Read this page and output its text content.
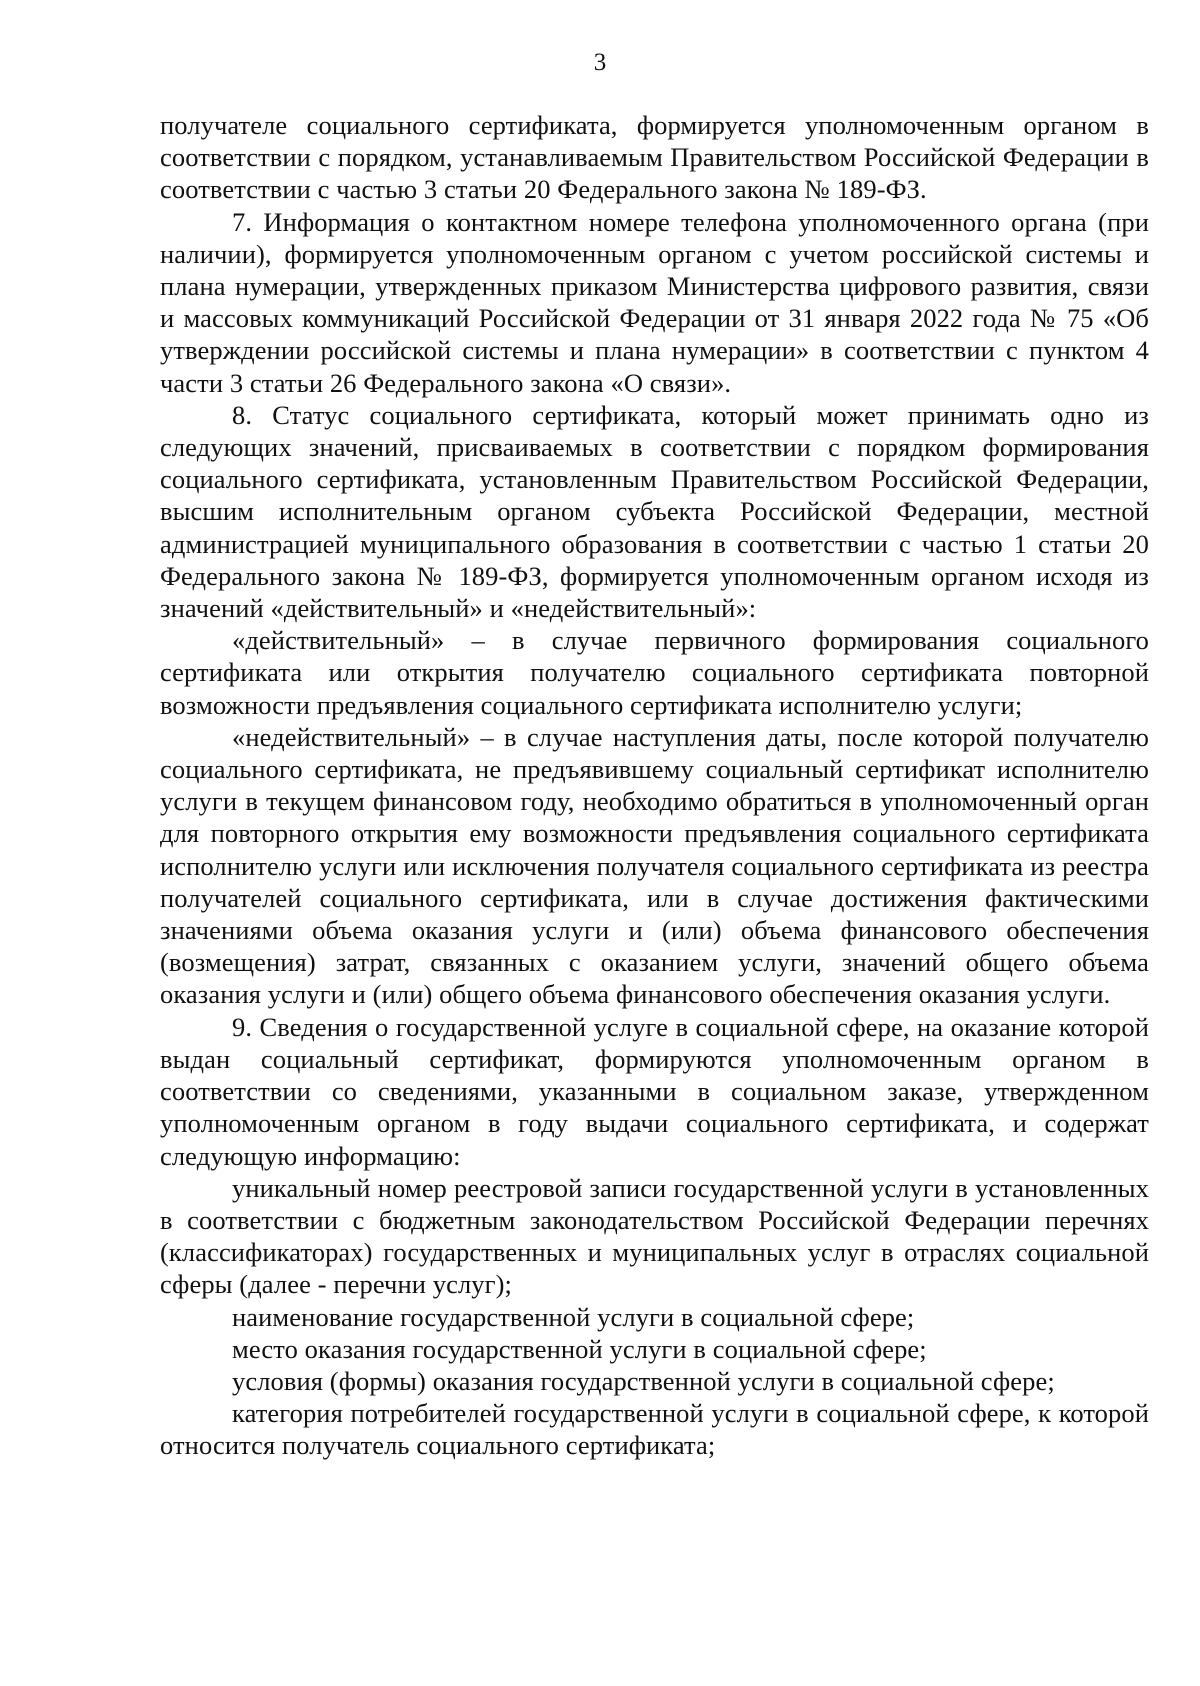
3

получателе социального сертификата, формируется уполномоченным органом в соответствии с порядком, устанавливаемым Правительством Российской Федерации в соответствии с частью 3 статьи 20 Федерального закона № 189-ФЗ.

7. Информация о контактном номере телефона уполномоченного органа (при наличии), формируется уполномоченным органом с учетом российской системы и плана нумерации, утвержденных приказом Министерства цифрового развития, связи и массовых коммуникаций Российской Федерации от 31 января 2022 года № 75 «Об утверждении российской системы и плана нумерации» в соответствии с пунктом 4 части 3 статьи 26 Федерального закона «О связи».

8. Статус социального сертификата, который может принимать одно из следующих значений, присваиваемых в соответствии с порядком формирования социального сертификата, установленным Правительством Российской Федерации, высшим исполнительным органом субъекта Российской Федерации, местной администрацией муниципального образования в соответствии с частью 1 статьи 20 Федерального закона № 189-ФЗ, формируется уполномоченным органом исходя из значений «действительный» и «недействительный»:

«действительный» – в случае первичного формирования социального сертификата или открытия получателю социального сертификата повторной возможности предъявления социального сертификата исполнителю услуги;

«недействительный» – в случае наступления даты, после которой получателю социального сертификата, не предъявившему социальный сертификат исполнителю услуги в текущем финансовом году, необходимо обратиться в уполномоченный орган для повторного открытия ему возможности предъявления социального сертификата исполнителю услуги или исключения получателя социального сертификата из реестра получателей социального сертификата, или в случае достижения фактическими значениями объема оказания услуги и (или) объема финансового обеспечения (возмещения) затрат, связанных с оказанием услуги, значений общего объема оказания услуги и (или) общего объема финансового обеспечения оказания услуги.

9. Сведения о государственной услуге в социальной сфере, на оказание которой выдан социальный сертификат, формируются уполномоченным органом в соответствии со сведениями, указанными в социальном заказе, утвержденном уполномоченным органом в году выдачи социального сертификата, и содержат следующую информацию:

уникальный номер реестровой записи государственной услуги в установленных в соответствии с бюджетным законодательством Российской Федерации перечнях (классификаторах) государственных и муниципальных услуг в отраслях социальной сферы (далее - перечни услуг);

наименование государственной услуги в социальной сфере;

место оказания государственной услуги в социальной сфере;

условия (формы) оказания государственной услуги в социальной сфере;

категория потребителей государственной услуги в социальной сфере, к которой относится получатель социального сертификата;
